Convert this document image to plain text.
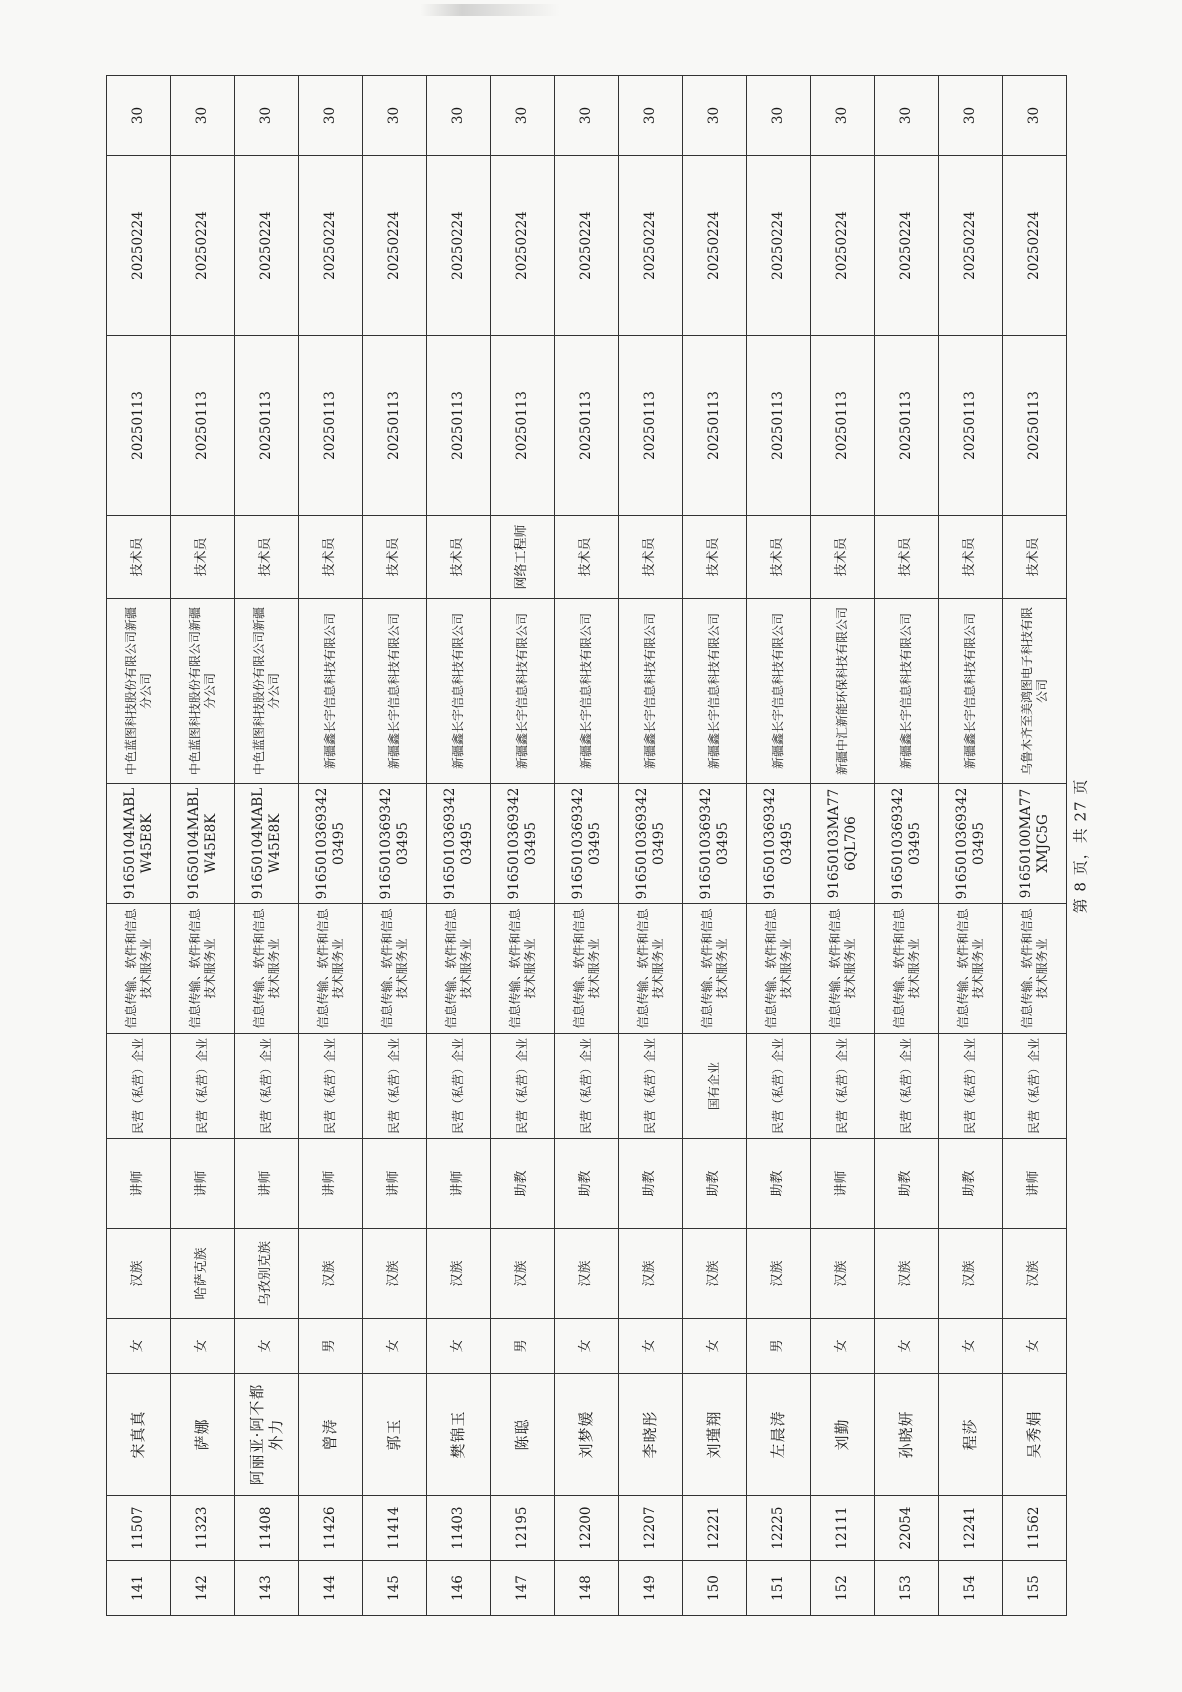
141	11507	宋真真	女	汉族	讲师	民营（私营）企业	信息传输、软件和信息技术服务业	91650104MABLW45E8K	中色蓝图科技股份有限公司新疆分公司	技术员	20250113	20250224	30
142	11323	萨娜	女	哈萨克族	讲师	民营（私营）企业	信息传输、软件和信息技术服务业	91650104MABLW45E8K	中色蓝图科技股份有限公司新疆分公司	技术员	20250113	20250224	30
143	11408	阿丽亚·阿不都外力	女	乌孜别克族	讲师	民营（私营）企业	信息传输、软件和信息技术服务业	91650104MABLW45E8K	中色蓝图科技股份有限公司新疆分公司	技术员	20250113	20250224	30
144	11426	曾涛	男	汉族	讲师	民营（私营）企业	信息传输、软件和信息技术服务业	916501036934203495	新疆鑫长宇信息科技有限公司	技术员	20250113	20250224	30
145	11414	郭玉	女	汉族	讲师	民营（私营）企业	信息传输、软件和信息技术服务业	916501036934203495	新疆鑫长宇信息科技有限公司	技术员	20250113	20250224	30
146	11403	樊锦玉	女	汉族	讲师	民营（私营）企业	信息传输、软件和信息技术服务业	916501036934203495	新疆鑫长宇信息科技有限公司	技术员	20250113	20250224	30
147	12195	陈聪	男	汉族	助教	民营（私营）企业	信息传输、软件和信息技术服务业	916501036934203495	新疆鑫长宇信息科技有限公司	网络工程师	20250113	20250224	30
148	12200	刘梦媛	女	汉族	助教	民营（私营）企业	信息传输、软件和信息技术服务业	916501036934203495	新疆鑫长宇信息科技有限公司	技术员	20250113	20250224	30
149	12207	李晓彤	女	汉族	助教	民营（私营）企业	信息传输、软件和信息技术服务业	916501036934203495	新疆鑫长宇信息科技有限公司	技术员	20250113	20250224	30
150	12221	刘瑾翔	女	汉族	助教	国有企业	信息传输、软件和信息技术服务业	916501036934203495	新疆鑫长宇信息科技有限公司	技术员	20250113	20250224	30
151	12225	左晨涛	男	汉族	助教	民营（私营）企业	信息传输、软件和信息技术服务业	916501036934203495	新疆鑫长宇信息科技有限公司	技术员	20250113	20250224	30
152	12111	刘勤	女	汉族	讲师	民营（私营）企业	信息传输、软件和信息技术服务业	91650103MA776QL706	新疆中汇新能环保科技有限公司	技术员	20250113	20250224	30
153	22054	孙晓妍	女	汉族	助教	民营（私营）企业	信息传输、软件和信息技术服务业	916501036934203495	新疆鑫长宇信息科技有限公司	技术员	20250113	20250224	30
154	12241	程莎	女	汉族	助教	民营（私营）企业	信息传输、软件和信息技术服务业	916501036934203495	新疆鑫长宇信息科技有限公司	技术员	20250113	20250224	30
155	11562	吴秀娟	女	汉族	讲师	民营（私营）企业	信息传输、软件和信息技术服务业	91650100MA77XMJC5G	乌鲁木齐至美鸿图电子科技有限公司	技术员	20250113	20250224	30
第 8 页，共 27 页
